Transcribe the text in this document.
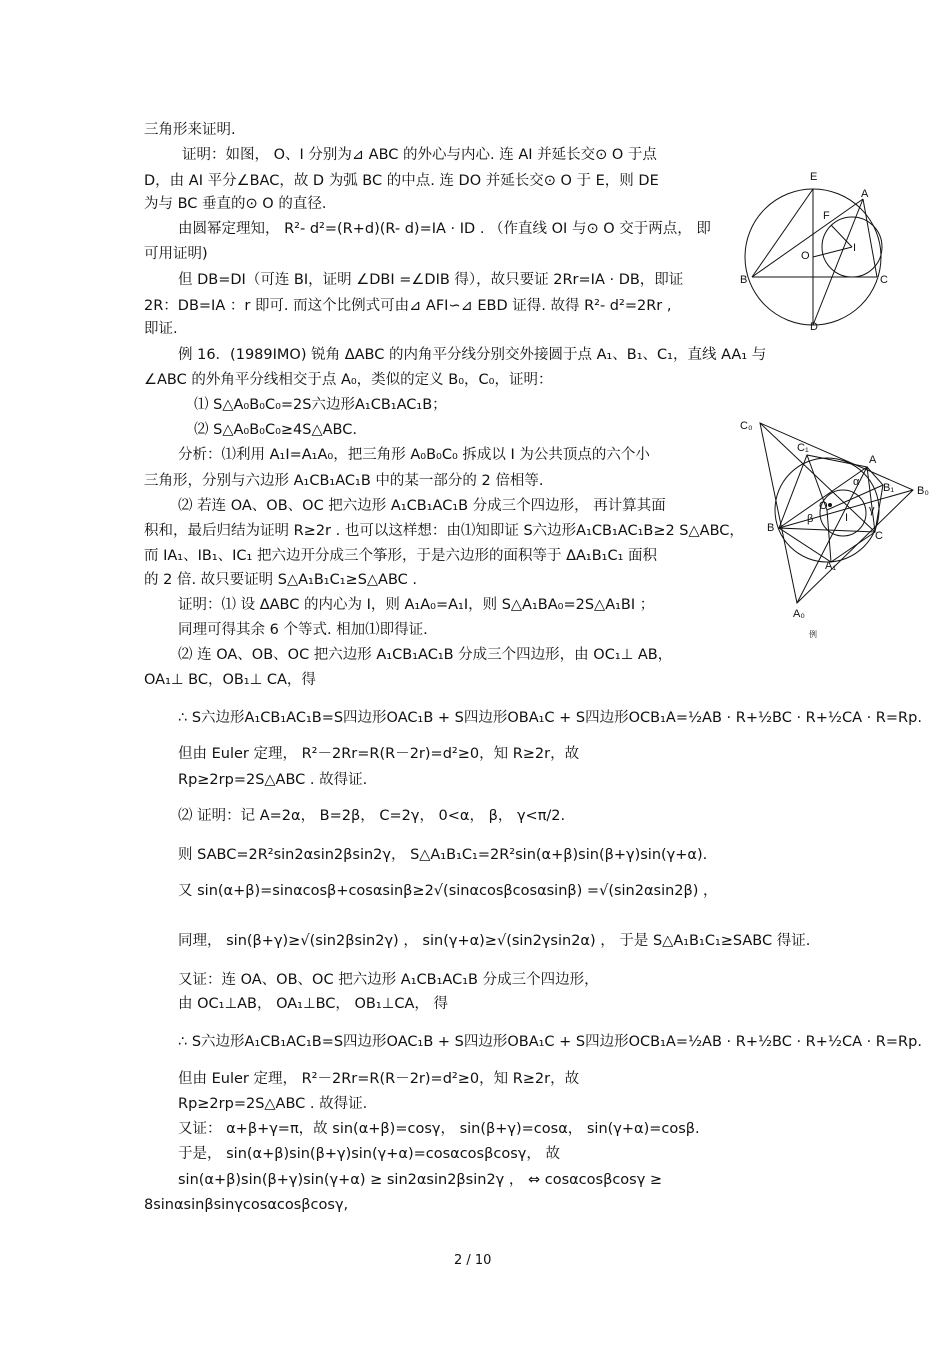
三角形来证明.
证明：如图， O、I 分别为⊿ ABC 的外心与内心. 连 AI 并延长交⊙ O 于点
D，由 AI 平分∠BAC，故 D 为弧 BC 的中点. 连 DO 并延长交⊙ O 于 E，则 DE
为与 BC 垂直的⊙ O 的直径.
由圆幂定理知， R²- d²=(R+d)(R- d)=IA · ID . （作直线 OI 与⊙ O 交于两点， 即
可用证明)
但 DB=DI（可连 BI，证明 ∠DBI =∠DIB 得），故只要证 2Rr=IA · DB，即证
2R：DB=IA ：r 即可. 而这个比例式可由⊿ AFI∽⊿ EBD 证得. 故得 R²- d²=2Rr ,
即证.
例 16．(1989IMO) 锐角 ΔABC 的内角平分线分别交外接圆于点 A₁、B₁、C₁，直线 AA₁ 与
∠ABC 的外角平分线相交于点 A₀，类似的定义 B₀，C₀，证明：
⑴ S△A₀B₀C₀=2S六边形A₁CB₁AC₁B；
⑵ S△A₀B₀C₀≥4S△ABC.
分析：⑴利用 A₁I=A₁A₀，把三角形 A₀B₀C₀ 拆成以 I 为公共顶点的六个小
三角形，分别与六边形 A₁CB₁AC₁B 中的某一部分的 2 倍相等.
⑵ 若连 OA、OB、OC 把六边形 A₁CB₁AC₁B 分成三个四边形， 再计算其面
积和，最后归结为证明 R≥2r . 也可以这样想：由⑴知即证 S六边形A₁CB₁AC₁B≥2 S△ABC，
而 IA₁、IB₁、IC₁ 把六边开分成三个筝形，于是六边形的面积等于 ΔA₁B₁C₁ 面积
的 2 倍. 故只要证明 S△A₁B₁C₁≥S△ABC .
证明：⑴ 设 ΔABC 的内心为 I，则 A₁A₀=A₁I，则 S△A₁BA₀=2S△A₁BI ；
同理可得其余 6 个等式. 相加⑴即得证.
⑵ 连 OA、OB、OC 把六边形 A₁CB₁AC₁B 分成三个四边形，由 OC₁⊥ AB，
OA₁⊥ BC，OB₁⊥ CA，得
∴ S六边形A₁CB₁AC₁B=S四边形OAC₁B + S四边形OBA₁C + S四边形OCB₁A=½AB · R+½BC · R+½CA · R=Rp.
但由 Euler 定理， R²－2Rr=R(R－2r)=d²≥0，知 R≥2r，故
Rp≥2rp=2S△ABC . 故得证.
⑵ 证明：记 A=2α， B=2β， C=2γ， 0<α， β， γ<π/2.
则 SABC=2R²sin2αsin2βsin2γ， S△A₁B₁C₁=2R²sin(α+β)sin(β+γ)sin(γ+α).
又 sin(α+β)=sinαcosβ+cosαsinβ≥2√(sinαcosβcosαsinβ) =√(sin2αsin2β) ，
同理， sin(β+γ)≥√(sin2βsin2γ) ， sin(γ+α)≥√(sin2γsin2α) ， 于是 S△A₁B₁C₁≥SABC 得证.
又证：连 OA、OB、OC 把六边形 A₁CB₁AC₁B 分成三个四边形，
由 OC₁⊥AB， OA₁⊥BC， OB₁⊥CA， 得
∴ S六边形A₁CB₁AC₁B=S四边形OAC₁B + S四边形OBA₁C + S四边形OCB₁A=½AB · R+½BC · R+½CA · R=Rp.
但由 Euler 定理， R²－2Rr=R(R－2r)=d²≥0，知 R≥2r，故
Rp≥2rp=2S△ABC . 故得证.
又证： α+β+γ=π，故 sin(α+β)=cosγ， sin(β+γ)=cosα， sin(γ+α)=cosβ.
于是， sin(α+β)sin(β+γ)sin(γ+α)=cosαcosβcosγ， 故
sin(α+β)sin(β+γ)sin(γ+α) ≥ sin2αsin2βsin2γ ， ⇔ cosαcosβcosγ ≥
8sinαsinβsinγcosαcosβcosγ,
E
A
F
I
O
B	C
D
C₀
C₁
A
B₁ B₀
α
O
β	I
γ
B
C
A₁
A₀
例
2 / 10
